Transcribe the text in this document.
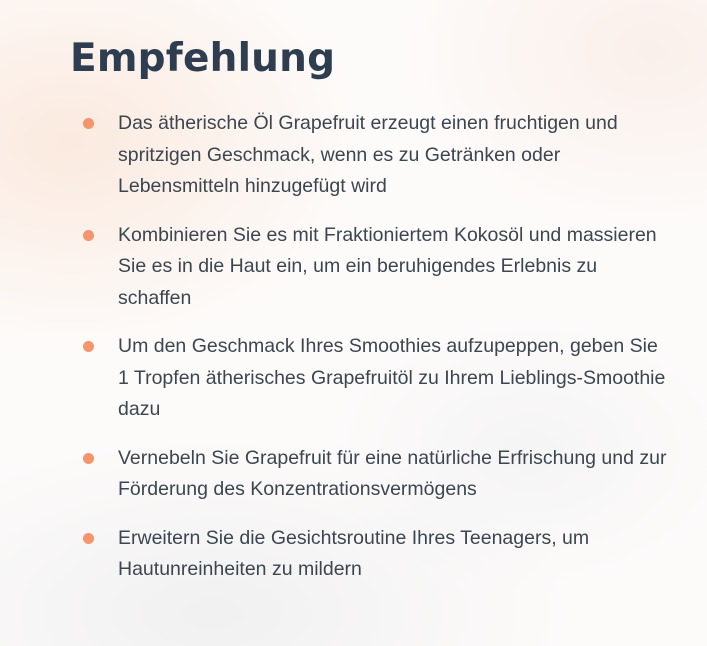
Empfehlung
Das ätherische Öl Grapefruit erzeugt einen fruchtigen und spritzigen Geschmack, wenn es zu Getränken oder Lebensmitteln hinzugefügt wird
Kombinieren Sie es mit Fraktioniertem Kokosöl und massieren Sie es in die Haut ein, um ein beruhigendes Erlebnis zu schaffen
Um den Geschmack Ihres Smoothies aufzupeppen, geben Sie 1 Tropfen ätherisches Grapefruitöl zu Ihrem Lieblings-Smoothie dazu
Vernebeln Sie Grapefruit für eine natürliche Erfrischung und zur Förderung des Konzentrationsvermögens
Erweitern Sie die Gesichtsroutine Ihres Teenagers, um Hautunreinheiten zu mildern
